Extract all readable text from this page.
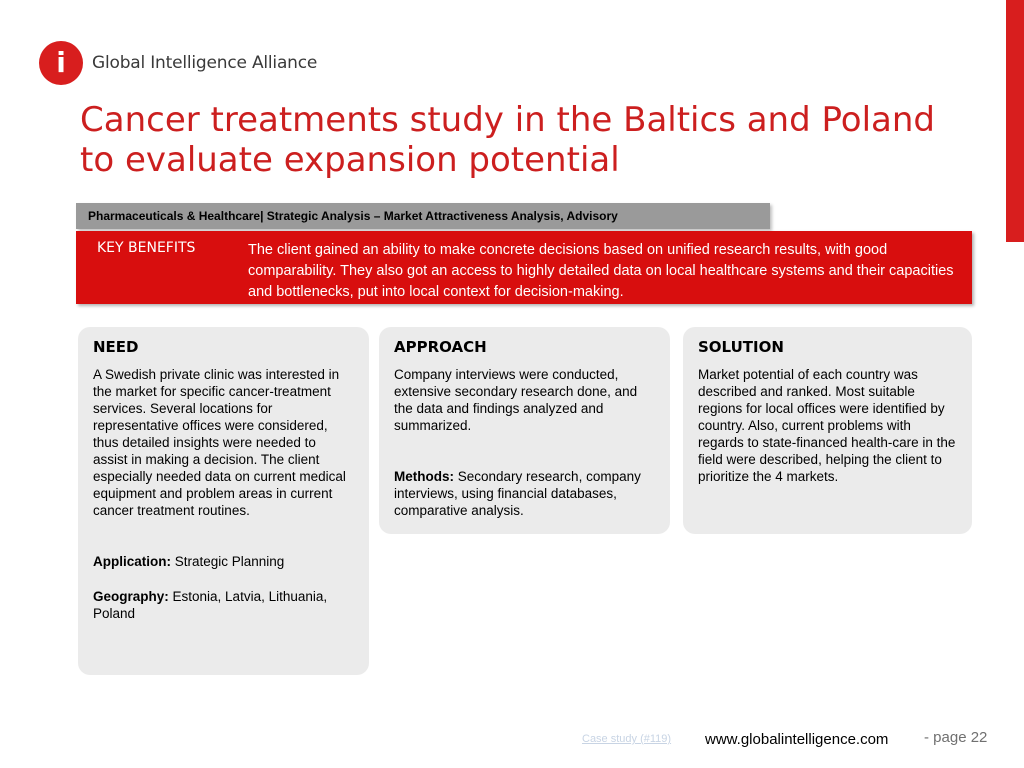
i Global Intelligence Alliance
Cancer treatments study in the Baltics and Poland
to evaluate expansion potential
Pharmaceuticals & Healthcare| Strategic Analysis – Market Attractiveness Analysis, Advisory
KEY BENEFITS	The client gained an ability to make concrete decisions based on unified research results, with good comparability. They also got an access to highly detailed data on local healthcare systems and their capacities and bottlenecks, put into local context for decision-making.
NEED

A Swedish private clinic was interested in the market for specific cancer-treatment services. Several locations for representative offices were considered, thus detailed insights were needed to assist in making a decision. The client especially needed data on current medical equipment and problem areas in current cancer treatment routines.

Application: Strategic Planning

Geography: Estonia, Latvia, Lithuania, Poland

APPROACH

Company interviews were conducted, extensive secondary research done, and the data and findings analyzed and summarized.

Methods: Secondary research, company interviews, using financial databases, comparative analysis.

SOLUTION

Market potential of each country was described and ranked. Most suitable regions for local offices were identified by country. Also, current problems with regards to state-financed health-care in the field were described, helping the client to prioritize the 4 markets.

Case study (#119) www.globalintelligence.com - page 22
